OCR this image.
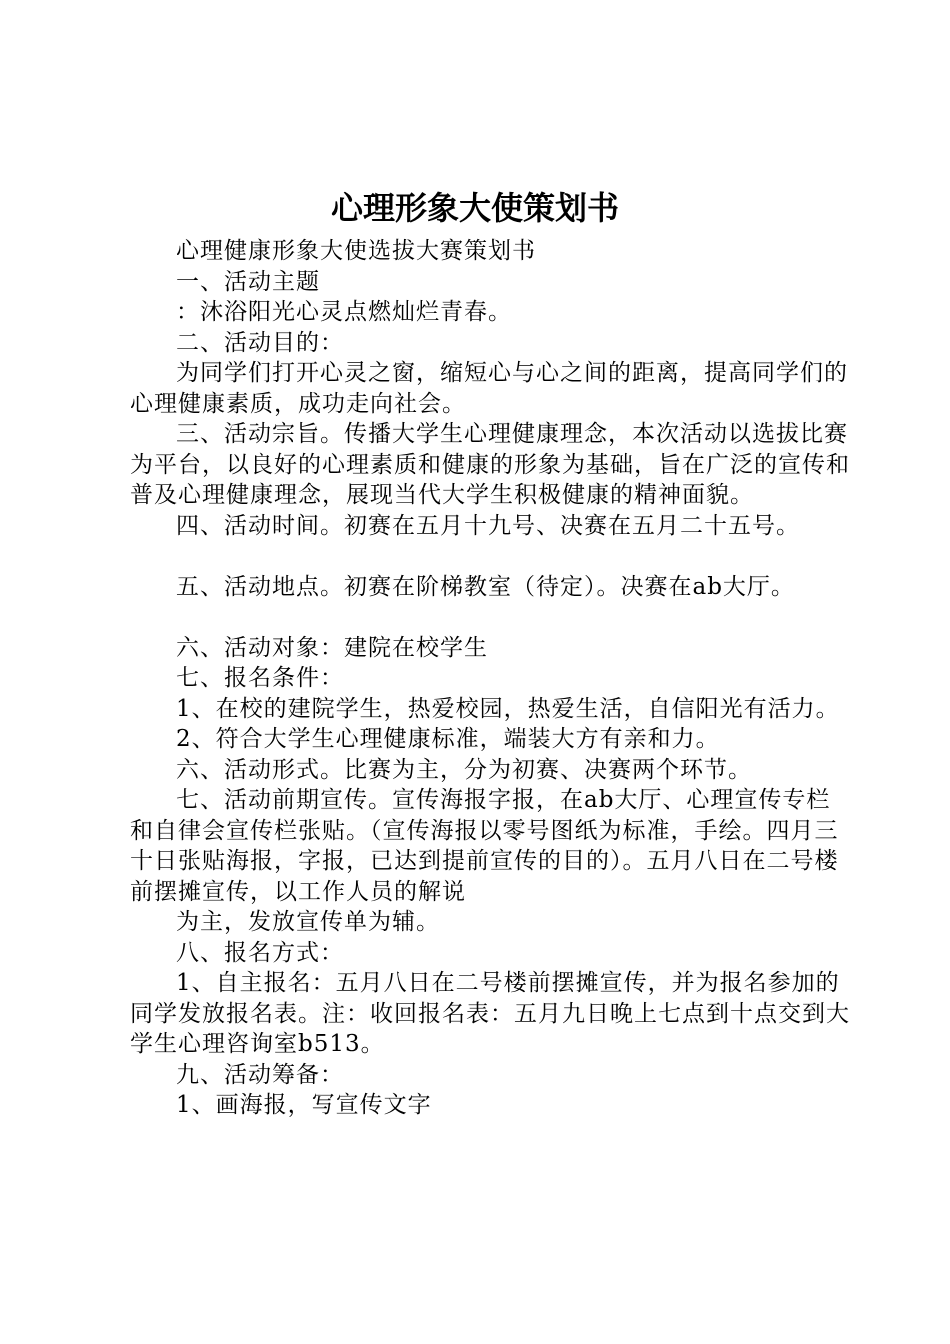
心理形象大使策划书

心理健康形象大使选拔大赛策划书

一、活动主题

：沐浴阳光心灵点燃灿烂青春。

二、活动目的：

为同学们打开心灵之窗，缩短心与心之间的距离，提高同学们的心理健康素质，成功走向社会。

三、活动宗旨。传播大学生心理健康理念，本次活动以选拔比赛为平台，以良好的心理素质和健康的形象为基础，旨在广泛的宣传和普及心理健康理念，展现当代大学生积极健康的精神面貌。

四、活动时间。初赛在五月十九号、决赛在五月二十五号。

五、活动地点。初赛在阶梯教室（待定）。决赛在ab大厅。

六、活动对象：建院在校学生

七、报名条件：

1、在校的建院学生，热爱校园，热爱生活，自信阳光有活力。

2、符合大学生心理健康标准，端装大方有亲和力。

六、活动形式。比赛为主，分为初赛、决赛两个环节。

七、活动前期宣传。宣传海报字报，在ab大厅、心理宣传专栏和自律会宣传栏张贴。（宣传海报以零号图纸为标准，手绘。四月三十日张贴海报，字报，已达到提前宣传的目的）。五月八日在二号楼前摆摊宣传，以工作人员的解说

为主，发放宣传单为辅。

八、报名方式：

1、自主报名：五月八日在二号楼前摆摊宣传，并为报名参加的同学发放报名表。注：收回报名表：五月九日晚上七点到十点交到大学生心理咨询室b513。

九、活动筹备：

1、画海报，写宣传文字
